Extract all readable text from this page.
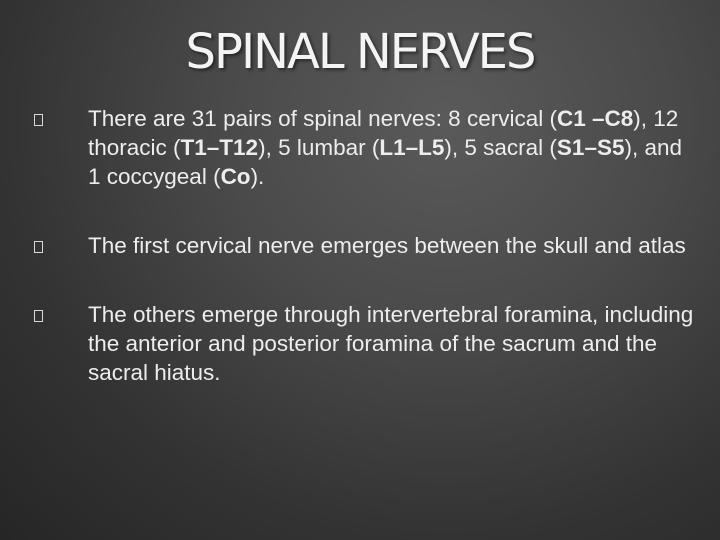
SPINAL NERVES
There are 31 pairs of spinal nerves: 8 cervical (C1 –C8), 12 thoracic (T1–T12), 5 lumbar (L1–L5), 5 sacral (S1–S5), and 1 coccygeal (Co).
The first cervical nerve emerges between the skull and atlas
The others emerge through intervertebral foramina, including the anterior and posterior foramina of the sacrum and the sacral hiatus.
